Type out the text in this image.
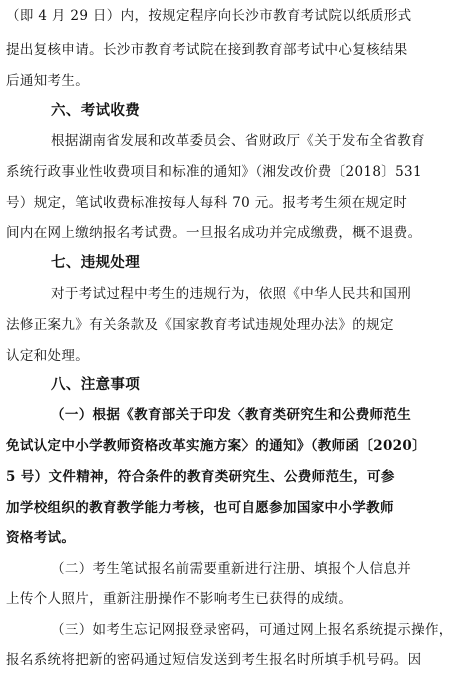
（即 4 月 29 日）内，按规定程序向长沙市教育考试院以纸质形式
提出复核申请。长沙市教育考试院在接到教育部考试中心复核结果
后通知考生。
六、考试收费
根据湖南省发展和改革委员会、省财政厅《关于发布全省教育
系统行政事业性收费项目和标准的通知》（湘发改价费〔2018〕531
号）规定，笔试收费标准按每人每科 70 元。报考考生须在规定时
间内在网上缴纳报名考试费。一旦报名成功并完成缴费，概不退费。
七、违规处理
对于考试过程中考生的违规行为，依照《中华人民共和国刑
法修正案九》有关条款及《国家教育考试违规处理办法》的规定
认定和处理。
八、注意事项
（一）根据《教育部关于印发〈教育类研究生和公费师范生
免试认定中小学教师资格改革实施方案〉的通知》（教师函〔2020〕
5 号）文件精神，符合条件的教育类研究生、公费师范生，可参
加学校组织的教育教学能力考核，也可自愿参加国家中小学教师
资格考试。
（二）考生笔试报名前需要重新进行注册、填报个人信息并
上传个人照片，重新注册操作不影响考生已获得的成绩。
（三）如考生忘记网报登录密码，可通过网上报名系统提示操作，
报名系统将把新的密码通过短信发送到考生报名时所填手机号码。因
